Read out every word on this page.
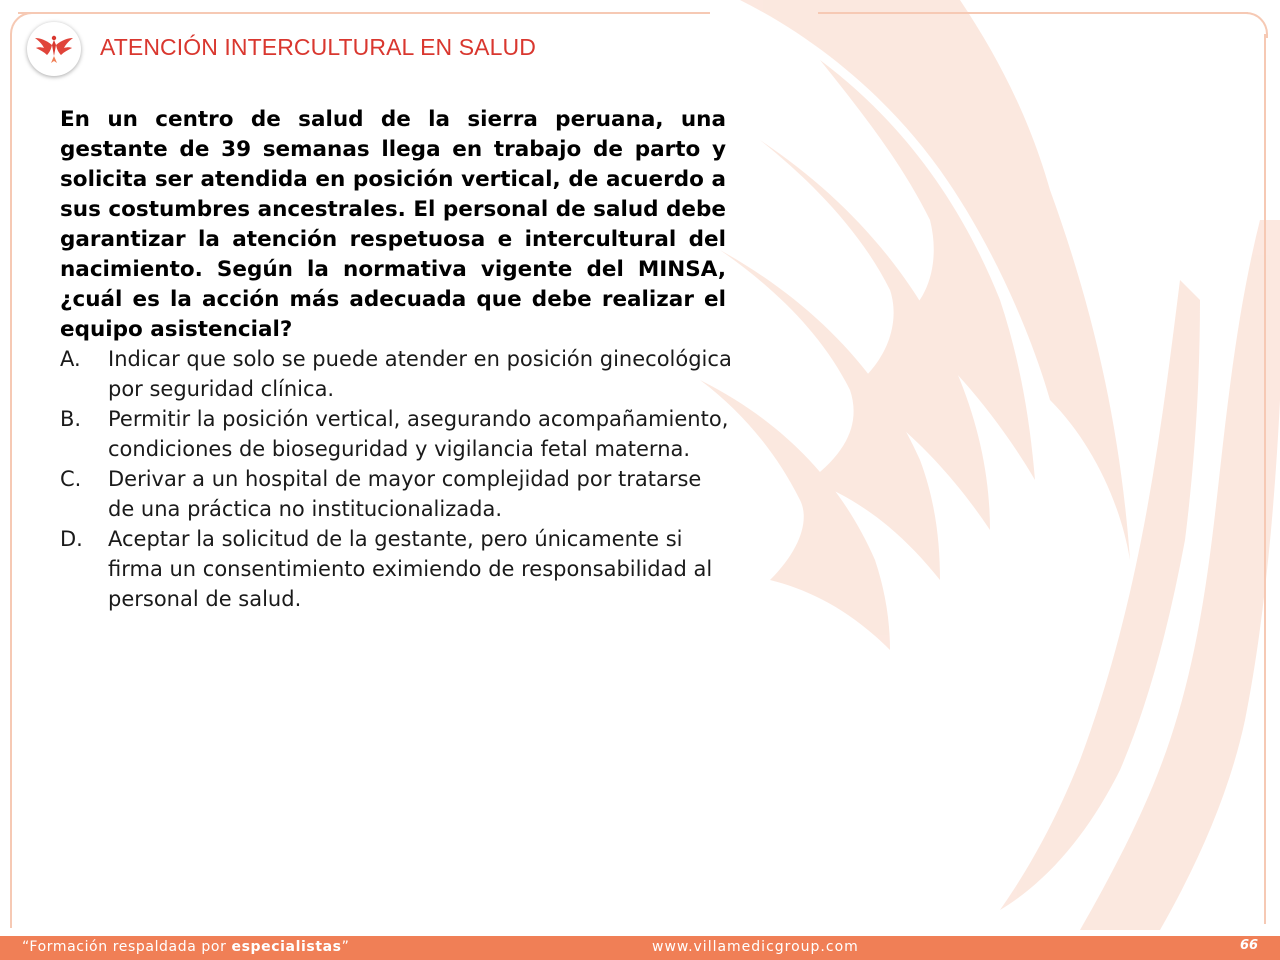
ATENCIÓN INTERCULTURAL EN SALUD

En un centro de salud de la sierra peruana, una gestante de 39 semanas llega en trabajo de parto y solicita ser atendida en posición vertical, de acuerdo a sus costumbres ancestrales. El personal de salud debe garantizar la atención respetuosa e intercultural del nacimiento. Según la normativa vigente del MINSA, ¿cuál es la acción más adecuada que debe realizar el equipo asistencial?

A.	Indicar que solo se puede atender en posición ginecológica por seguridad clínica.
B.	Permitir la posición vertical, asegurando acompañamiento, condiciones de bioseguridad y vigilancia fetal materna.
C.	Derivar a un hospital de mayor complejidad por tratarse de una práctica no institucionalizada.
D.	Aceptar la solicitud de la gestante, pero únicamente si firma un consentimiento eximiendo de responsabilidad al personal de salud.
“Formación respaldada por especialistas”	www.villamedicgroup.com	66
